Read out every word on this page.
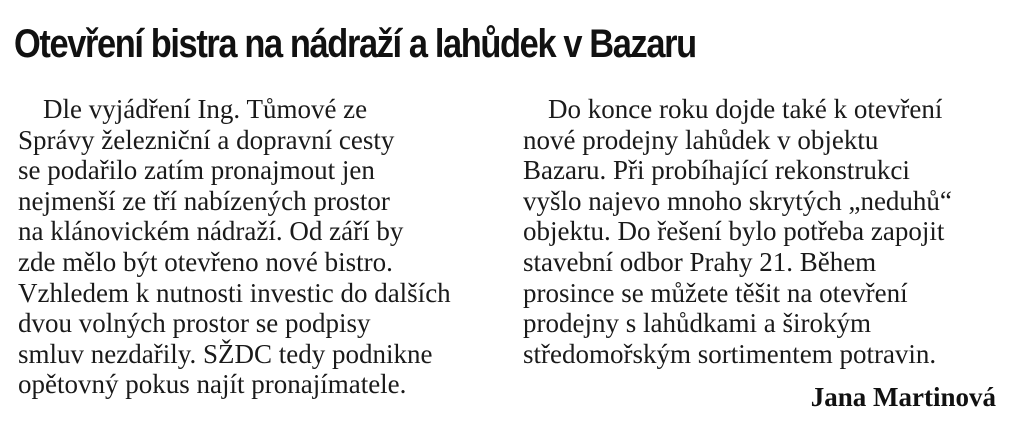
Otevření bistra na nádraží a lahůdek v Bazaru
Dle vyjádření Ing. Tůmové ze
Správy železniční a dopravní cesty
se podařilo zatím pronajmout jen
nejmenší ze tří nabízených prostor
na klánovickém nádraží. Od září by
zde mělo být otevřeno nové bistro.
Vzhledem k nutnosti investic do dalších
dvou volných prostor se podpisy
smluv nezdařily. SŽDC tedy podnikne
opětovný pokus najít pronajímatele.
Do konce roku dojde také k otevření
nové prodejny lahůdek v objektu
Bazaru. Při probíhající rekonstrukci
vyšlo najevo mnoho skrytých „neduhů“
objektu. Do řešení bylo potřeba zapojit
stavební odbor Prahy 21. Během
prosince se můžete těšit na otevření
prodejny s lahůdkami a širokým
středomořským sortimentem potravin.
Jana Martinová
